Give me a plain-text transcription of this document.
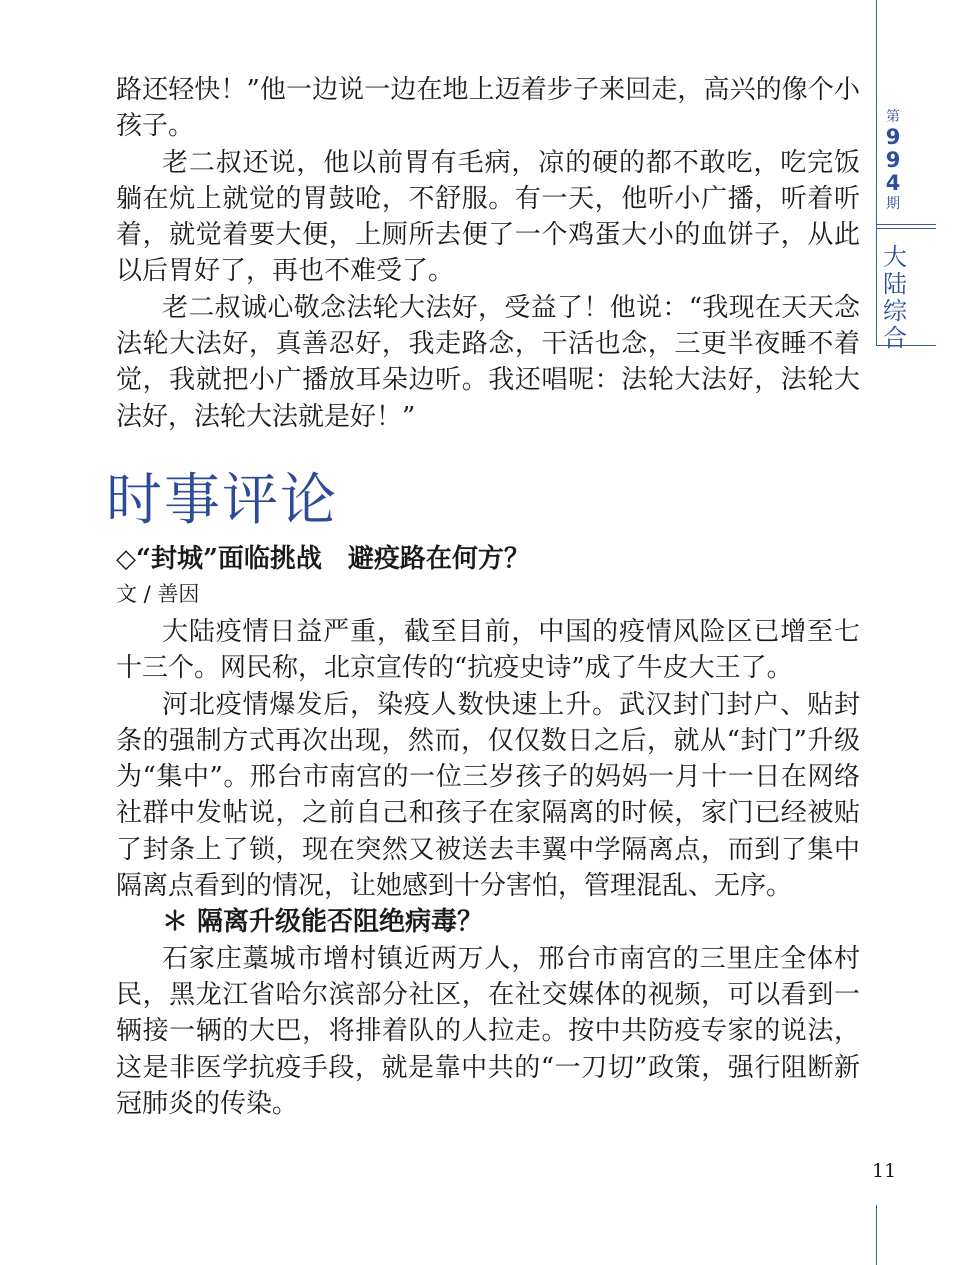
第
9
9
4
期
大陆综合
11

路还轻快！”他一边说一边在地上迈着步子来回走，高兴的像个小孩子。

老二叔还说，他以前胃有毛病，凉的硬的都不敢吃，吃完饭躺在炕上就觉的胃鼓呛，不舒服。有一天，他听小广播，听着听着，就觉着要大便，上厕所去便了一个鸡蛋大小的血饼子，从此以后胃好了，再也不难受了。

老二叔诚心敬念法轮大法好，受益了！他说：“我现在天天念法轮大法好，真善忍好，我走路念，干活也念，三更半夜睡不着觉，我就把小广播放耳朵边听。我还唱呢：法轮大法好，法轮大法好，法轮大法就是好！”

时事评论
◇“封城”面临挑战　避疫路在何方？
文 / 善因

大陆疫情日益严重，截至目前，中国的疫情风险区已增至七十三个。网民称，北京宣传的“抗疫史诗”成了牛皮大王了。

河北疫情爆发后，染疫人数快速上升。武汉封门封户、贴封条的强制方式再次出现，然而，仅仅数日之后，就从“封门”升级为“集中”。邢台市南宫的一位三岁孩子的妈妈一月十一日在网络社群中发帖说，之前自己和孩子在家隔离的时候，家门已经被贴了封条上了锁，现在突然又被送去丰翼中学隔离点，而到了集中隔离点看到的情况，让她感到十分害怕，管理混乱、无序。

＊ 隔离升级能否阻绝病毒？

石家庄藁城市增村镇近两万人，邢台市南宫的三里庄全体村民，黑龙江省哈尔滨部分社区，在社交媒体的视频，可以看到一辆接一辆的大巴，将排着队的人拉走。按中共防疫专家的说法，这是非医学抗疫手段，就是靠中共的“一刀切”政策，强行阻断新冠肺炎的传染。
